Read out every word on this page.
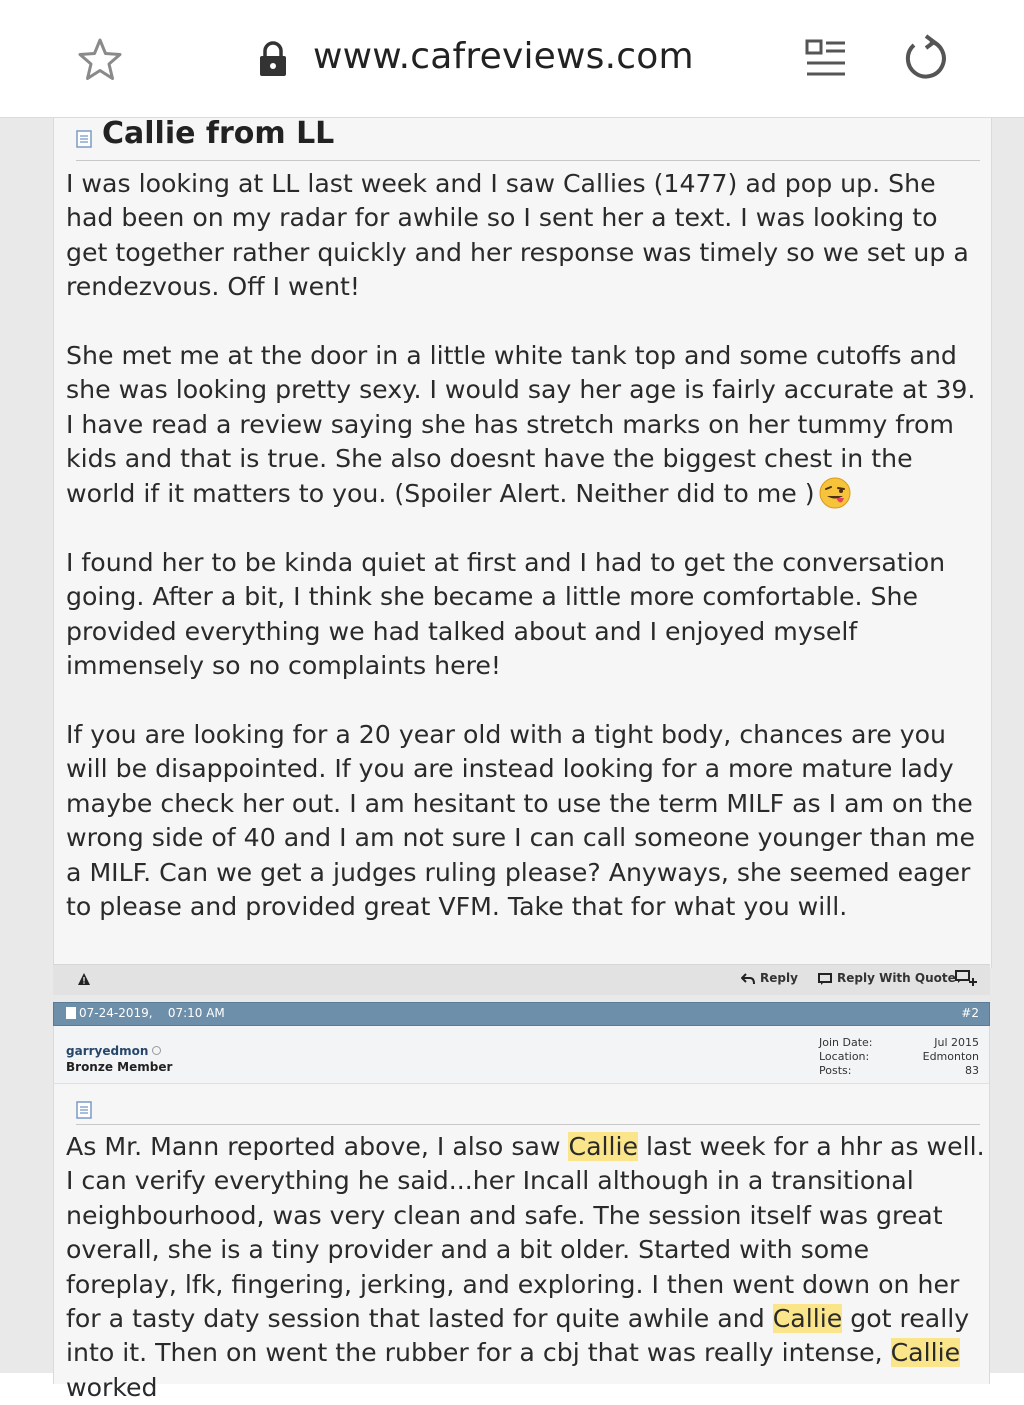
www.cafreviews.com
Callie from LL

I was looking at LL last week and I saw Callies (1477) ad pop up. She had been on my radar for awhile so I sent her a text. I was looking to get together rather quickly and her response was timely so we set up a rendezvous. Off I went!

She met me at the door in a little white tank top and some cutoffs and she was looking pretty sexy. I would say her age is fairly accurate at 39. I have read a review saying she has stretch marks on her tummy from kids and that is true. She also doesnt have the biggest chest in the world if it matters to you. (Spoiler Alert. Neither did to me )

I found her to be kinda quiet at first and I had to get the conversation going. After a bit, I think she became a little more comfortable. She provided everything we had talked about and I enjoyed myself immensely so no complaints here!

If you are looking for a 20 year old with a tight body, chances are you will be disappointed. If you are instead looking for a more mature lady maybe check her out. I am hesitant to use the term MILF as I am on the wrong side of 40 and I am not sure I can call someone younger than me a MILF. Can we get a judges ruling please? Anyways, she seemed eager to please and provided great VFM. Take that for what you will.

Reply	Reply With Quote
07-24-2019, 07:10 AM	#2
garryedmon
Bronze Member
Join Date:
Location:
Posts:
Jul 2015
Edmonton
83

As Mr. Mann reported above, I also saw Callie last week for a hhr as well. I can verify everything he said...her Incall although in a transitional neighbourhood, was very clean and safe. The session itself was great overall, she is a tiny provider and a bit older. Started with some foreplay, lfk, fingering, jerking, and exploring. I then went down on her for a tasty daty session that lasted for quite awhile and Callie got really into it. Then on went the rubber for a cbj that was really intense, Callie worked
